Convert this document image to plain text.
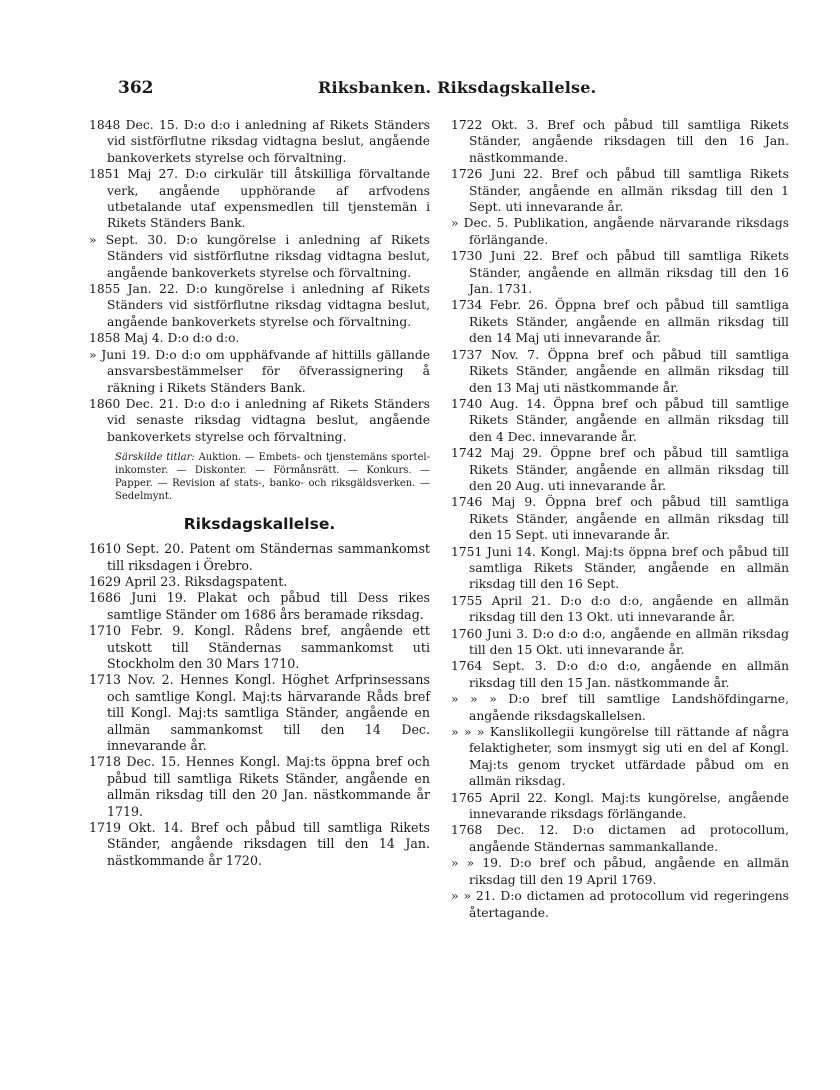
362	Riksbanken. Riksdagskallelse.

1848 Dec. 15. D:o d:o i anledning af Rikets Ständers vid sistförflutne riksdag vidtagna beslut, angående bankoverkets styrelse och förvaltning.

1851 Maj 27. D:o cirkulär till åtskilliga förvaltande verk, angående upphörande af arfvodens utbetalande utaf expensmedlen till tjenstemän i Rikets Ständers Bank.

» Sept. 30. D:o kungörelse i anledning af Rikets Ständers vid sistförflutne riksdag vidtagna beslut, angående bankoverkets styrelse och förvaltning.

1855 Jan. 22. D:o kungörelse i anledning af Rikets Ständers vid sistförflutne riksdag vidtagna beslut, angående bankoverkets styrelse och förvaltning.

1858 Maj 4. D:o d:o d:o.

» Juni 19. D:o d:o om upphäfvande af hittills gällande ansvarsbestämmelser för öfverassignering å räkning i Rikets Ständers Bank.

1860 Dec. 21. D:o d:o i anledning af Rikets Ständers vid senaste riksdag vidtagna beslut, angående bankoverkets styrelse och förvaltning.

Särskilde titlar: Auktion. — Embets- och tjenstemäns sportel-inkomster. — Diskonter. — Förmånsrätt. — Konkurs. — Papper. — Revision af stats-, banko- och riksgäldsverken. — Sedelmynt.

Riksdagskallelse.

1610 Sept. 20. Patent om Ständernas sammankomst till riksdagen i Örebro.

1629 April 23. Riksdagspatent.

1686 Juni 19. Plakat och påbud till Dess rikes samtlige Ständer om 1686 års beramade riksdag.

1710 Febr. 9. Kongl. Rådens bref, angående ett utskott till Ständernas sammankomst uti Stockholm den 30 Mars 1710.

1713 Nov. 2. Hennes Kongl. Höghet Arfprinsessans och samtlige Kongl. Maj:ts härvarande Råds bref till Kongl. Maj:ts samtliga Ständer, angående en allmän sammankomst till den 14 Dec. innevarande år.

1718 Dec. 15. Hennes Kongl. Maj:ts öppna bref och påbud till samtliga Rikets Ständer, angående en allmän riksdag till den 20 Jan. nästkommande år 1719.

1719 Okt. 14. Bref och påbud till samtliga Rikets Ständer, angående riksdagen till den 14 Jan. nästkommande år 1720.

1722 Okt. 3. Bref och påbud till samtliga Rikets Ständer, angående riksdagen till den 16 Jan. nästkommande.

1726 Juni 22. Bref och påbud till samtliga Rikets Ständer, angående en allmän riksdag till den 1 Sept. uti innevarande år.

» Dec. 5. Publikation, angående närvarande riksdags förlängande.

1730 Juni 22. Bref och påbud till samtliga Rikets Ständer, angående en allmän riksdag till den 16 Jan. 1731.

1734 Febr. 26. Öppna bref och påbud till samtliga Rikets Ständer, angående en allmän riksdag till den 14 Maj uti innevarande år.

1737 Nov. 7. Öppna bref och påbud till samtliga Rikets Ständer, angående en allmän riksdag till den 13 Maj uti nästkommande år.

1740 Aug. 14. Öppna bref och påbud till samtlige Rikets Ständer, angående en allmän riksdag till den 4 Dec. innevarande år.

1742 Maj 29. Öppne bref och påbud till samtliga Rikets Ständer, angående en allmän riksdag till den 20 Aug. uti innevarande år.

1746 Maj 9. Öppna bref och påbud till samtliga Rikets Ständer, angående en allmän riksdag till den 15 Sept. uti innevarande år.

1751 Juni 14. Kongl. Maj:ts öppna bref och påbud till samtliga Rikets Ständer, angående en allmän riksdag till den 16 Sept.

1755 April 21. D:o d:o d:o, angående en allmän riksdag till den 13 Okt. uti innevarande år.

1760 Juni 3. D:o d:o d:o, angående en allmän riksdag till den 15 Okt. uti innevarande år.

1764 Sept. 3. D:o d:o d:o, angående en allmän riksdag till den 15 Jan. nästkommande år.

» » » D:o bref till samtlige Landshöfdingarne, angående riksdagskallelsen.

» » » Kanslikollegii kungörelse till rättande af några felaktigheter, som insmygt sig uti en del af Kongl. Maj:ts genom trycket utfärdade påbud om en allmän riksdag.

1765 April 22. Kongl. Maj:ts kungörelse, angående innevarande riksdags förlängande.

1768 Dec. 12. D:o dictamen ad protocollum, angående Ständernas sammankallande.

» » 19. D:o bref och påbud, angående en allmän riksdag till den 19 April 1769.

» » 21. D:o dictamen ad protocollum vid regeringens återtagande.
